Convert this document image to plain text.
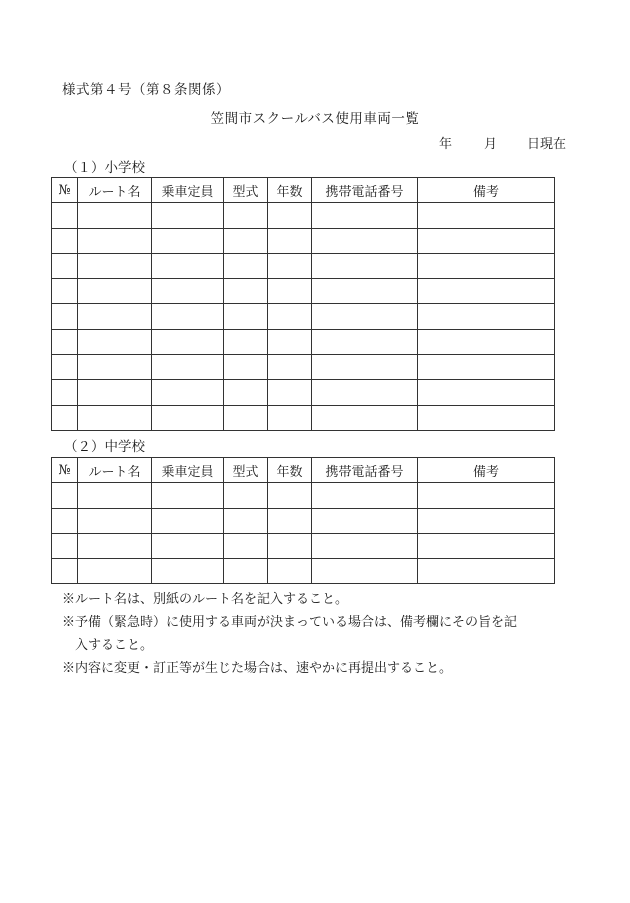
様式第４号（第８条関係）
笠間市スクールバス使用車両一覧
年 月 日現在
（１）小学校
№	ルート名	乗車定員	型式	年数	携帯電話番号	備考

（２）中学校
№	ルート名	乗車定員	型式	年数	携帯電話番号	備考

※ルート名は、別紙のルート名を記入すること。

※予備（緊急時）に使用する車両が決まっている場合は、備考欄にその旨を記

入すること。

※内容に変更・訂正等が生じた場合は、速やかに再提出すること。
